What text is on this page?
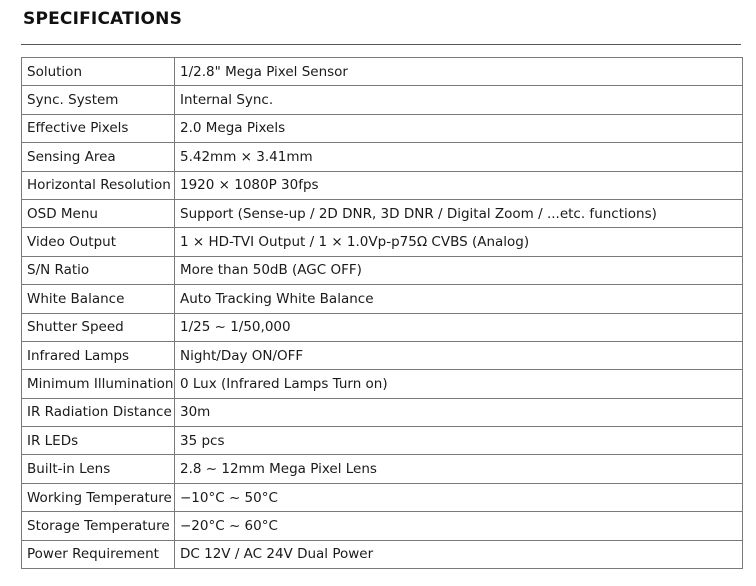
SPECIFICATIONS
Solution	1/2.8" Mega Pixel Sensor
Sync. System	Internal Sync.
Effective Pixels	2.0 Mega Pixels
Sensing Area	5.42mm × 3.41mm
Horizontal Resolution	1920 × 1080P 30fps
OSD Menu	Support (Sense-up / 2D DNR, 3D DNR / Digital Zoom / ...etc. functions)
Video Output	1 × HD-TVI Output / 1 × 1.0Vp-p75Ω CVBS (Analog)
S/N Ratio	More than 50dB (AGC OFF)
White Balance	Auto Tracking White Balance
Shutter Speed	1/25 ~ 1/50,000
Infrared Lamps	Night/Day ON/OFF
Minimum Illumination	0 Lux (Infrared Lamps Turn on)
IR Radiation Distance	30m
IR LEDs	35 pcs
Built-in Lens	2.8 ~ 12mm Mega Pixel Lens
Working Temperature	−10°C ~ 50°C
Storage Temperature	−20°C ~ 60°C
Power Requirement	DC 12V / AC 24V Dual Power
